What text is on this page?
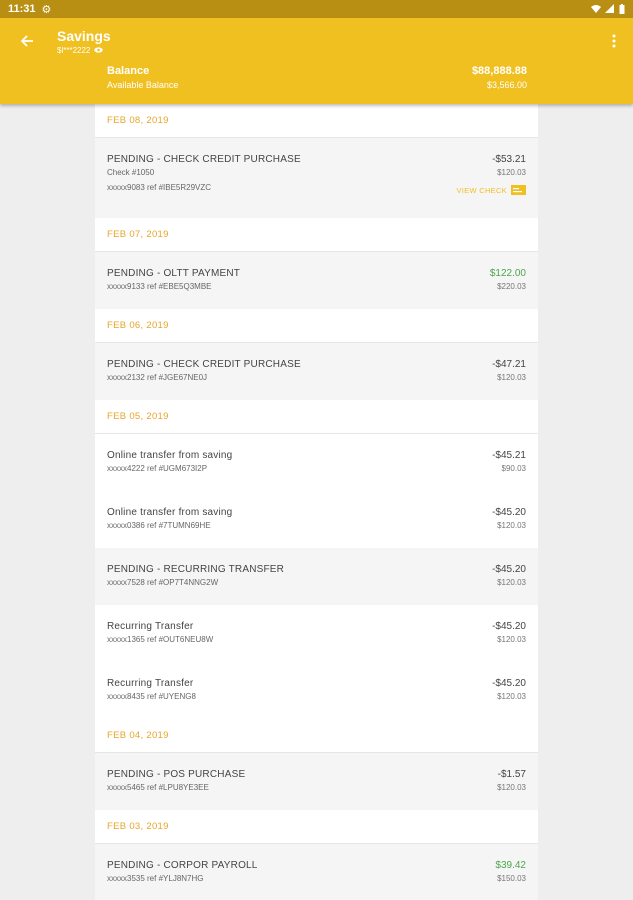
11:31 ⚙
Savings
$l***2222
Balance	$88,888.88
Available Balance	$3,566.00
FEB 08, 2019
PENDING - CHECK CREDIT PURCHASE
Check #1050
xxxxx9083 ref #IBE5R29VZC
-$53.21
$120.03
VIEW CHECK
FEB 07, 2019
PENDING - OLTT PAYMENT
xxxxx9133 ref #EBE5Q3MBE
$122.00
$220.03
FEB 06, 2019
PENDING - CHECK CREDIT PURCHASE
xxxxx2132 ref #JGE67NE0J
-$47.21
$120.03
FEB 05, 2019
Online transfer from saving
xxxxx4222 ref #UGM673I2P
-$45.21
$90.03
Online transfer from saving
xxxxx0386 ref #7TUMN69HE
-$45.20
$120.03
PENDING - RECURRING TRANSFER
xxxxx7528 ref #OP7T4NNG2W
-$45.20
$120.03
Recurring Transfer
xxxxx1365 ref #OUT6NEU8W
-$45.20
$120.03
Recurring Transfer
xxxxx8435 ref #UYENG8
-$45.20
$120.03
FEB 04, 2019
PENDING - POS PURCHASE
xxxxx5465 ref #LPU8YE3EE
-$1.57
$120.03
FEB 03, 2019
PENDING - CORPOR PAYROLL
xxxxx3535 ref #YLJ8N7HG
$39.42
$150.03
